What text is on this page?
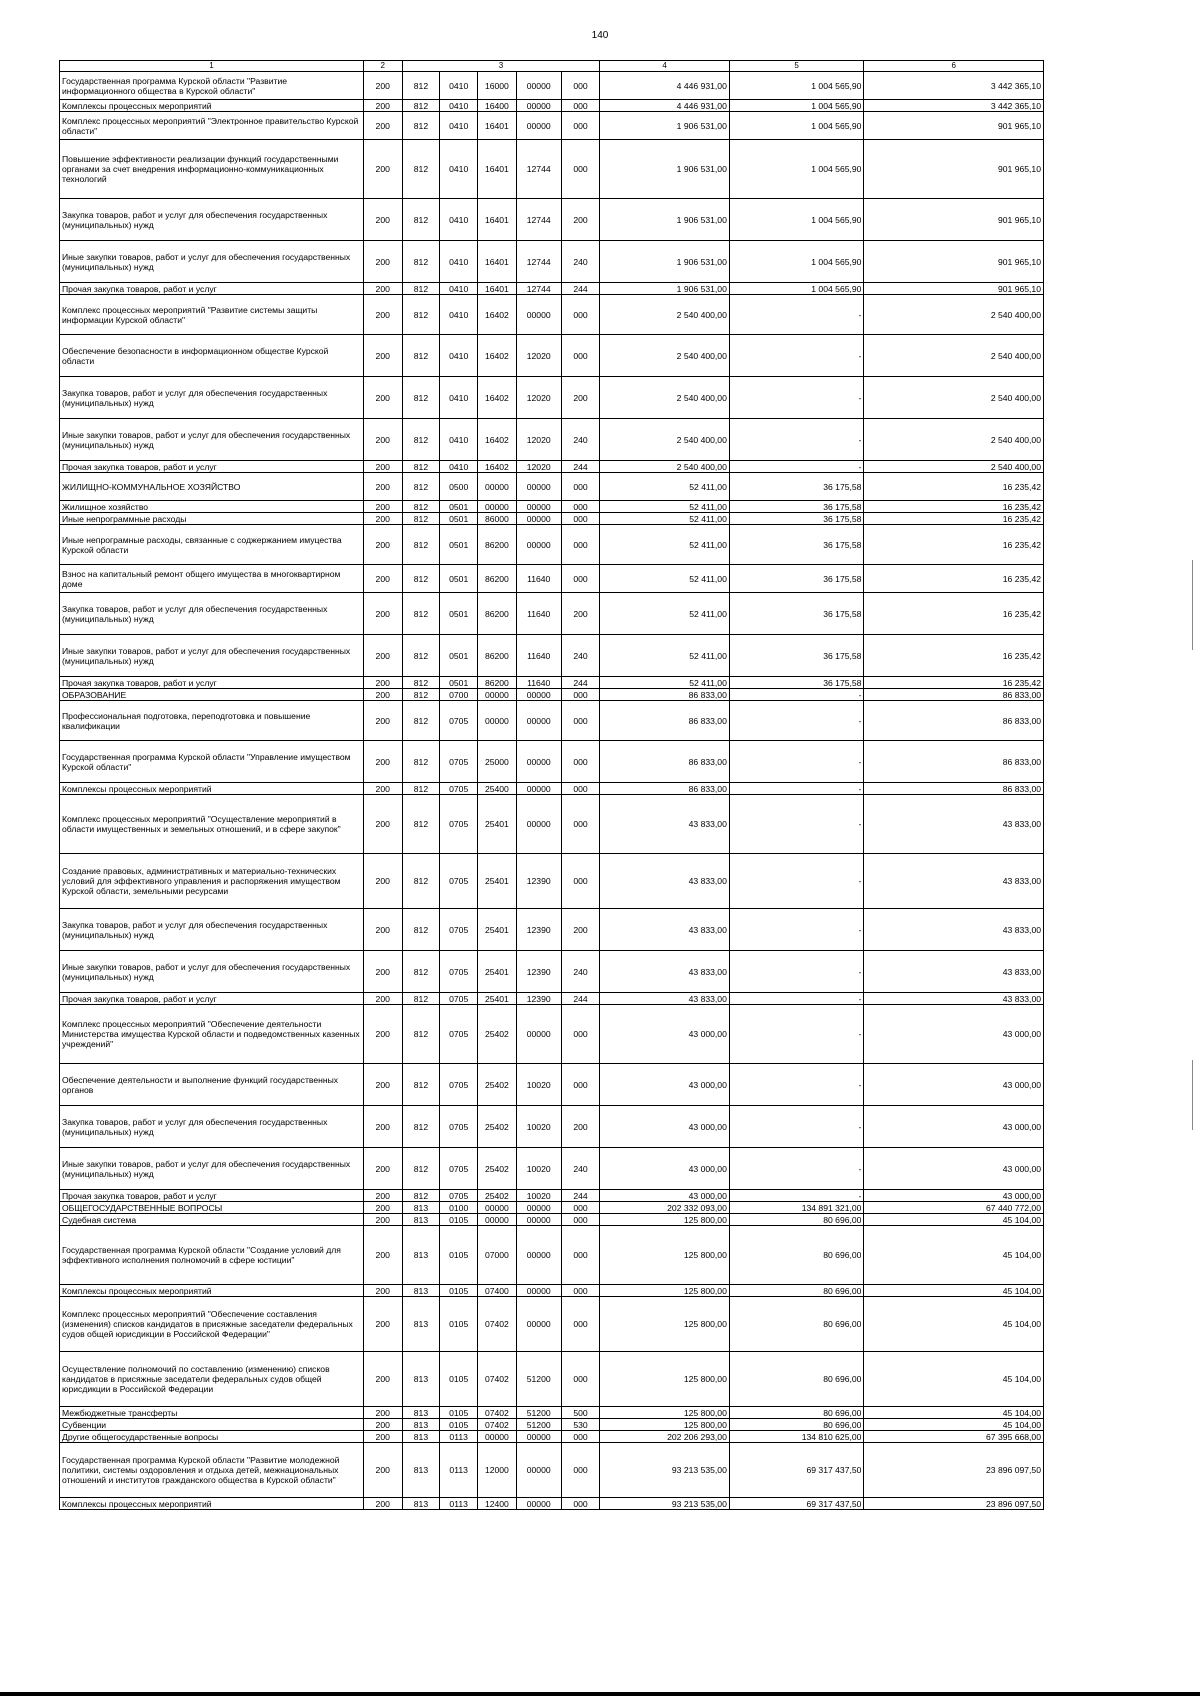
140
1	2	3					4	5	6
Государственная программа Курской области "Развитие информационного общества в Курской области"	200	812	0410	16000	00000	000	4 446 931,00	1 004 565,90	3 442 365,10
Комплексы процессных мероприятий	200	812	0410	16400	00000	000	4 446 931,00	1 004 565,90	3 442 365,10
Комплекс процессных мероприятий "Электронное правительство Курской области"	200	812	0410	16401	00000	000	1 906 531,00	1 004 565,90	901 965,10
Повышение эффективности реализации функций государственными органами за счет внедрения информационно-коммуникационных технологий	200	812	0410	16401	12744	000	1 906 531,00	1 004 565,90	901 965,10
Закупка товаров, работ и услуг для обеспечения государственных (муниципальных) нужд	200	812	0410	16401	12744	200	1 906 531,00	1 004 565,90	901 965,10
Иные закупки товаров, работ и услуг для обеспечения государственных (муниципальных) нужд	200	812	0410	16401	12744	240	1 906 531,00	1 004 565,90	901 965,10
Прочая закупка товаров, работ и услуг	200	812	0410	16401	12744	244	1 906 531,00	1 004 565,90	901 965,10
Комплекс процессных мероприятий "Развитие системы защиты информации Курской области"	200	812	0410	16402	00000	000	2 540 400,00	-	2 540 400,00
Обеспечение безопасности в информационном обществе Курской области	200	812	0410	16402	12020	000	2 540 400,00	-	2 540 400,00
Закупка товаров, работ и услуг для обеспечения государственных (муниципальных) нужд	200	812	0410	16402	12020	200	2 540 400,00	-	2 540 400,00
Иные закупки товаров, работ и услуг для обеспечения государственных (муниципальных) нужд	200	812	0410	16402	12020	240	2 540 400,00	-	2 540 400,00
Прочая закупка товаров, работ и услуг	200	812	0410	16402	12020	244	2 540 400,00	-	2 540 400,00
ЖИЛИЩНО-КОММУНАЛЬНОЕ ХОЗЯЙСТВО	200	812	0500	00000	00000	000	52 411,00	36 175,58	16 235,42
Жилищное хозяйство	200	812	0501	00000	00000	000	52 411,00	36 175,58	16 235,42
Иные непрограммные расходы	200	812	0501	86000	00000	000	52 411,00	36 175,58	16 235,42
Иные непрограмные расходы, связанные с соджержанием имуцества Курской области	200	812	0501	86200	00000	000	52 411,00	36 175,58	16 235,42
Взнос на капитальный ремонт общего имущества в многоквартирном доме	200	812	0501	86200	11640	000	52 411,00	36 175,58	16 235,42
Закупка товаров, работ и услуг для обеспечения государственных (муниципальных) нужд	200	812	0501	86200	11640	200	52 411,00	36 175,58	16 235,42
Иные закупки товаров, работ и услуг для обеспечения государственных (муниципальных) нужд	200	812	0501	86200	11640	240	52 411,00	36 175,58	16 235,42
Прочая закупка товаров, работ и услуг	200	812	0501	86200	11640	244	52 411,00	36 175,58	16 235,42
ОБРАЗОВАНИЕ	200	812	0700	00000	00000	000	86 833,00	-	86 833,00
Профессиональная подготовка, переподготовка и повышение квалификации	200	812	0705	00000	00000	000	86 833,00	-	86 833,00
Государственная программа Курской области "Управление имуществом Курской области"	200	812	0705	25000	00000	000	86 833,00	-	86 833,00
Комплексы процессных мероприятий	200	812	0705	25400	00000	000	86 833,00	-	86 833,00
Комплекс процессных мероприятий "Осуществление мероприятий в области имущественных и земельных отношений, и в сфере закупок"	200	812	0705	25401	00000	000	43 833,00	-	43 833,00
Создание правовых, административных и материально-технических условий для эффективного управления и распоряжения имуществом Курской области, земельными ресурсами	200	812	0705	25401	12390	000	43 833,00	-	43 833,00
Закупка товаров, работ и услуг для обеспечения государственных (муниципальных) нужд	200	812	0705	25401	12390	200	43 833,00	-	43 833,00
Иные закупки товаров, работ и услуг для обеспечения государственных (муниципальных) нужд	200	812	0705	25401	12390	240	43 833,00	-	43 833,00
Прочая закупка товаров, работ и услуг	200	812	0705	25401	12390	244	43 833,00	-	43 833,00
Комплекс процессных мероприятий "Обеспечение деятельности Министерства имущества Курской области и подведомственных казенных учреждений"	200	812	0705	25402	00000	000	43 000,00	-	43 000,00
Обеспечение деятельности и выполнение функций государственных органов	200	812	0705	25402	10020	000	43 000,00	-	43 000,00
Закупка товаров, работ и услуг для обеспечения государственных (муниципальных) нужд	200	812	0705	25402	10020	200	43 000,00	-	43 000,00
Иные закупки товаров, работ и услуг для обеспечения государственных (муниципальных) нужд	200	812	0705	25402	10020	240	43 000,00	-	43 000,00
Прочая закупка товаров, работ и услуг	200	812	0705	25402	10020	244	43 000,00	-	43 000,00
ОБЩЕГОСУДАРСТВЕННЫЕ ВОПРОСЫ	200	813	0100	00000	00000	000	202 332 093,00	134 891 321,00	67 440 772,00
Судебная система	200	813	0105	00000	00000	000	125 800,00	80 696,00	45 104,00
Государственная программа Курской области "Создание условий для эффективного исполнения полномочий в сфере юстиции"	200	813	0105	07000	00000	000	125 800,00	80 696,00	45 104,00
Комплексы процессных мероприятий	200	813	0105	07400	00000	000	125 800,00	80 696,00	45 104,00
Комплекс процессных мероприятий "Обеспечение составления (изменения) списков кандидатов в присяжные заседатели федеральных судов общей юрисдикции в Российской Федерации"	200	813	0105	07402	00000	000	125 800,00	80 696,00	45 104,00
Осуществление полномочий по составлению (изменению) списков кандидатов в присяжные заседатели федеральных судов общей юрисдикции в Российской Федерации	200	813	0105	07402	51200	000	125 800,00	80 696,00	45 104,00
Межбюджетные трансферты	200	813	0105	07402	51200	500	125 800,00	80 696,00	45 104,00
Субвенции	200	813	0105	07402	51200	530	125 800,00	80 696,00	45 104,00
Другие общегосударственные вопросы	200	813	0113	00000	00000	000	202 206 293,00	134 810 625,00	67 395 668,00
Государственная программа Курской области "Развитие молодежной политики, системы оздоровления и отдыха детей, межнациональных отношений и институтов гражданского общества в Курской области"	200	813	0113	12000	00000	000	93 213 535,00	69 317 437,50	23 896 097,50
Комплексы процессных мероприятий	200	813	0113	12400	00000	000	93 213 535,00	69 317 437,50	23 896 097,50
